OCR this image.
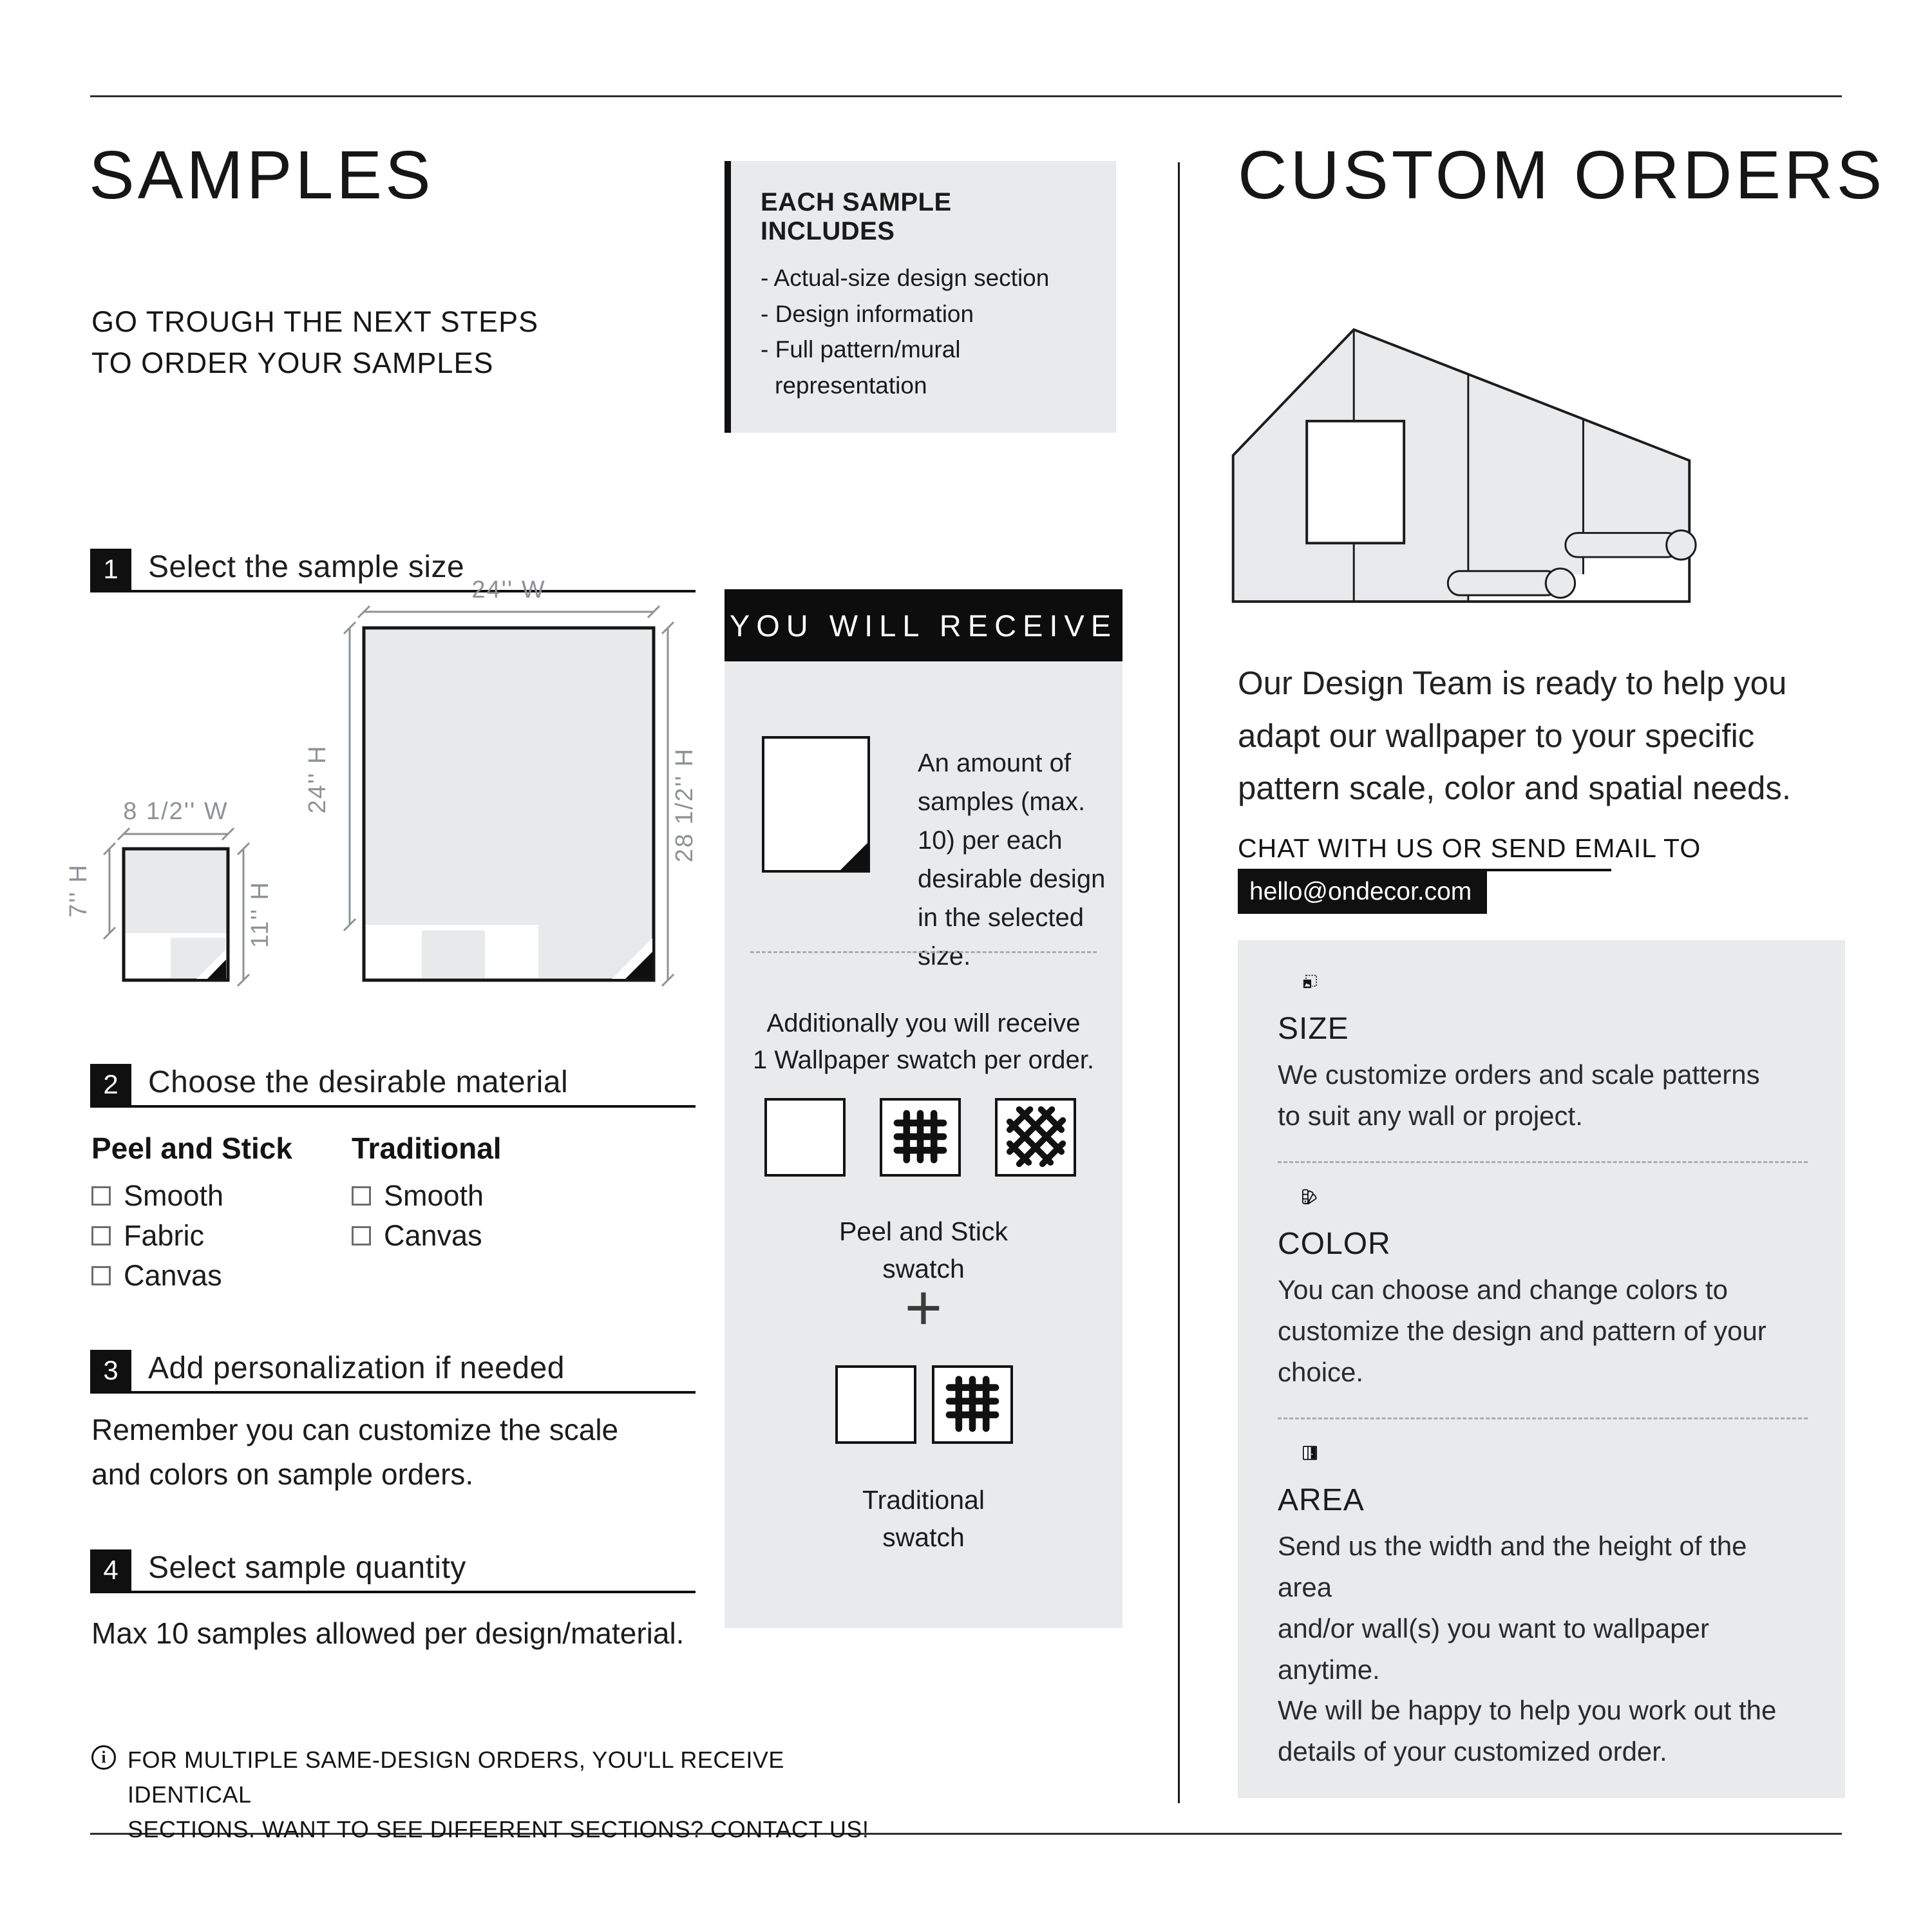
SAMPLES
GO TROUGH THE NEXT STEPS
TO ORDER YOUR SAMPLES
EACH SAMPLE INCLUDES
- Actual-size design section
- Design information
- Full pattern/mural
representation
1 Select the sample size
24'' W
24'' H	28 1/2'' H
8 1/2'' W
7'' H	11'' H
2 Choose the desirable material
Peel and Stick
Smooth
Fabric
Canvas
Traditional
Smooth
Canvas
3 Add personalization if needed
Remember you can customize the scale
and colors on sample orders.
4 Select sample quantity
Max 10 samples allowed per design/material.
i FOR MULTIPLE SAME-DESIGN ORDERS, YOU'LL RECEIVE IDENTICAL
SECTIONS. WANT TO SEE DIFFERENT SECTIONS? CONTACT US!
YOU WILL RECEIVE
An amount of samples (max. 10) per each desirable design in the selected size.
Additionally you will receive
1 Wallpaper swatch per order.
Peel and Stick
swatch
+
Traditional
swatch
CUSTOM ORDERS
Our Design Team is ready to help you
adapt our wallpaper to your specific
pattern scale, color and spatial needs.
CHAT WITH US OR SEND EMAIL TO
hello@ondecor.com
SIZE
We customize orders and scale patterns
to suit any wall or project.
COLOR
You can choose and change colors to
customize the design and pattern of your
choice.
AREA
Send us the width and the height of the area
and/or wall(s) you want to wallpaper anytime.
We will be happy to help you work out the
details of your customized order.
